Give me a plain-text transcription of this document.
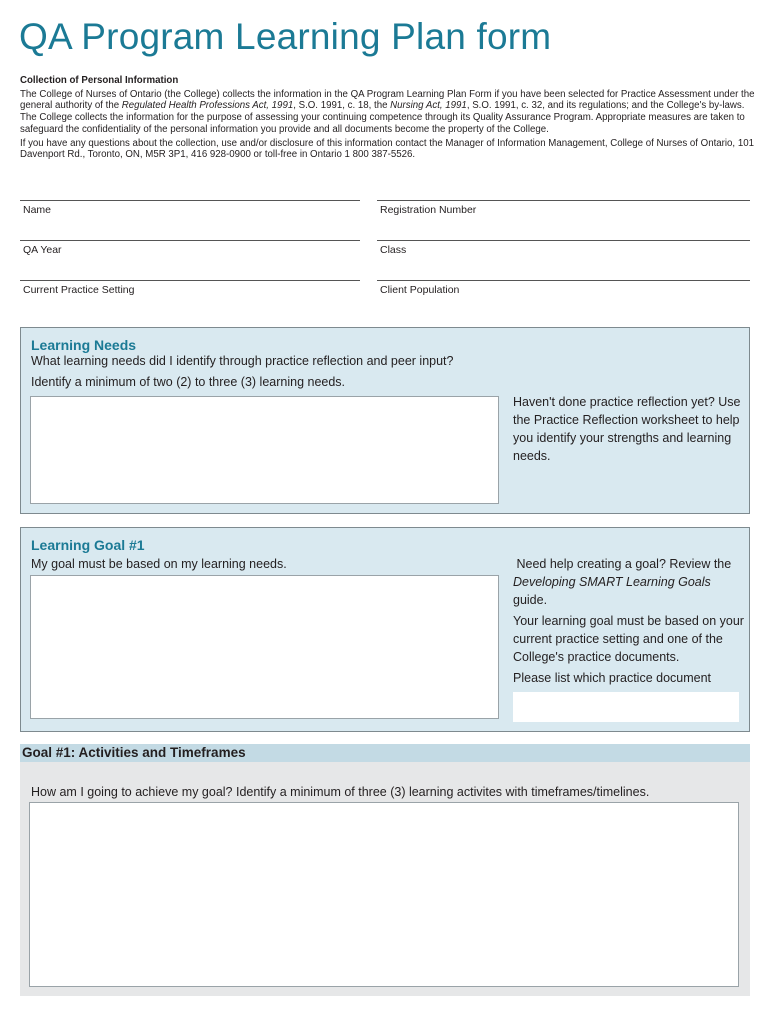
QA Program Learning Plan form

Collection of Personal Information

The College of Nurses of Ontario (the College) collects the information in the QA Program Learning Plan Form if you have been selected for Practice Assessment under the general authority of the Regulated Health Professions Act, 1991, S.O. 1991, c. 18, the Nursing Act, 1991, S.O. 1991, c. 32, and its regulations; and the College's by-laws. The College collects the information for the purpose of assessing your continuing competence through its Quality Assurance Program. Appropriate measures are taken to safeguard the confidentiality of the personal information you provide and all documents become the property of the College.

If you have any questions about the collection, use and/or disclosure of this information contact the Manager of Information Management, College of Nurses of Ontario, 101 Davenport Rd., Toronto, ON, M5R 3P1, 416 928-0900 or toll-free in Ontario 1 800 387-5526.

Name	Registration Number
QA Year	Class
Current Practice Setting	Client Population
Learning Needs

What learning needs did I identify through practice reflection and peer input?

Identify a minimum of two (2) to three (3) learning needs.

Haven't done practice reflection yet? Use the Practice Reflection worksheet to help you identify your strengths and learning needs.

Learning Goal #1

My goal must be based on my learning needs.	Need help creating a goal? Review the Developing SMART Learning Goals guide.

Your learning goal must be based on your current practice setting and one of the College's practice documents.

Please list which practice document

Goal #1: Activities and Timeframes

How am I going to achieve my goal? Identify a minimum of three (3) learning activites with timeframes/timelines.
